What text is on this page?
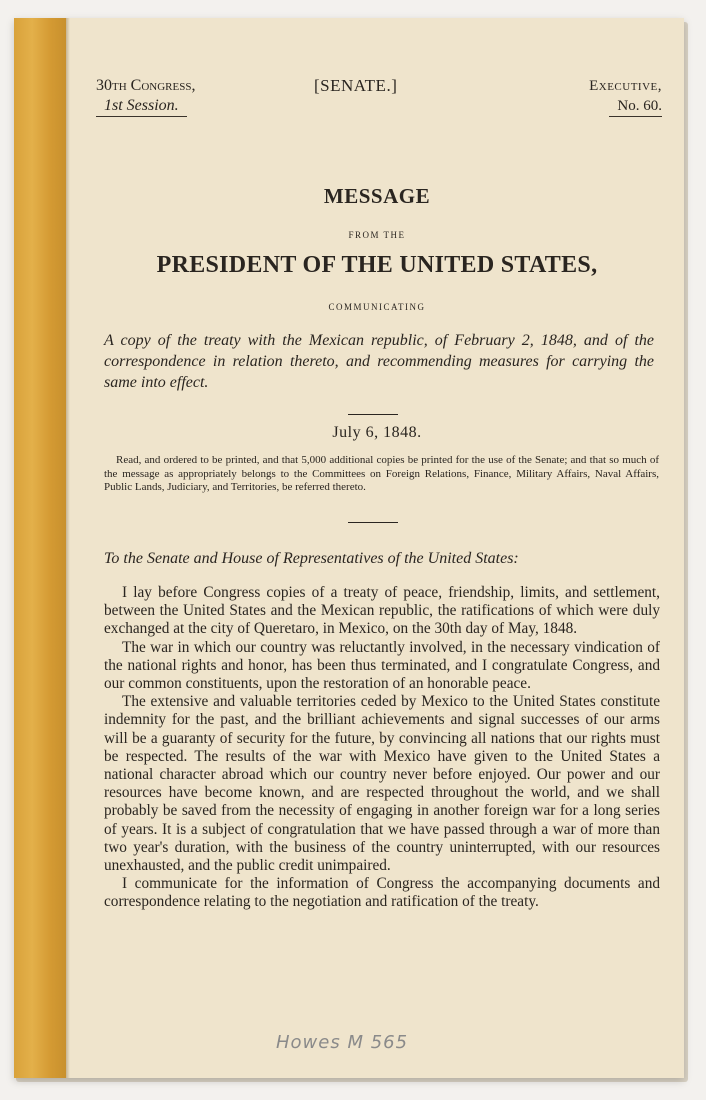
30th Congress,
1st Session.
[SENATE.]	Executive,
No. 60.
MESSAGE
FROM THE
PRESIDENT OF THE UNITED STATES,
COMMUNICATING
A copy of the treaty with the Mexican republic, of February 2, 1848, and of the correspondence in relation thereto, and recommending measures for carrying the same into effect.
July 6, 1848.
Read, and ordered to be printed, and that 5,000 additional copies be printed for the use of the Senate; and that so much of the message as appropriately belongs to the Committees on Foreign Relations, Finance, Military Affairs, Naval Affairs, Public Lands, Judiciary, and Territories, be referred thereto.
To the Senate and House of Representatives of the United States:

I lay before Congress copies of a treaty of peace, friendship, limits, and settlement, between the United States and the Mexican republic, the ratifications of which were duly exchanged at the city of Queretaro, in Mexico, on the 30th day of May, 1848.

The war in which our country was reluctantly involved, in the necessary vindication of the national rights and honor, has been thus terminated, and I congratulate Congress, and our common constituents, upon the restoration of an honorable peace.

The extensive and valuable territories ceded by Mexico to the United States constitute indemnity for the past, and the brilliant achievements and signal successes of our arms will be a guaranty of security for the future, by convincing all nations that our rights must be respected. The results of the war with Mexico have given to the United States a national character abroad which our country never before enjoyed. Our power and our resources have become known, and are respected throughout the world, and we shall probably be saved from the necessity of engaging in another foreign war for a long series of years. It is a subject of congratulation that we have passed through a war of more than two year's duration, with the business of the country uninterrupted, with our resources unexhausted, and the public credit unimpaired.

I communicate for the information of Congress the accompanying documents and correspondence relating to the negotiation and ratification of the treaty.

Howes M 565
